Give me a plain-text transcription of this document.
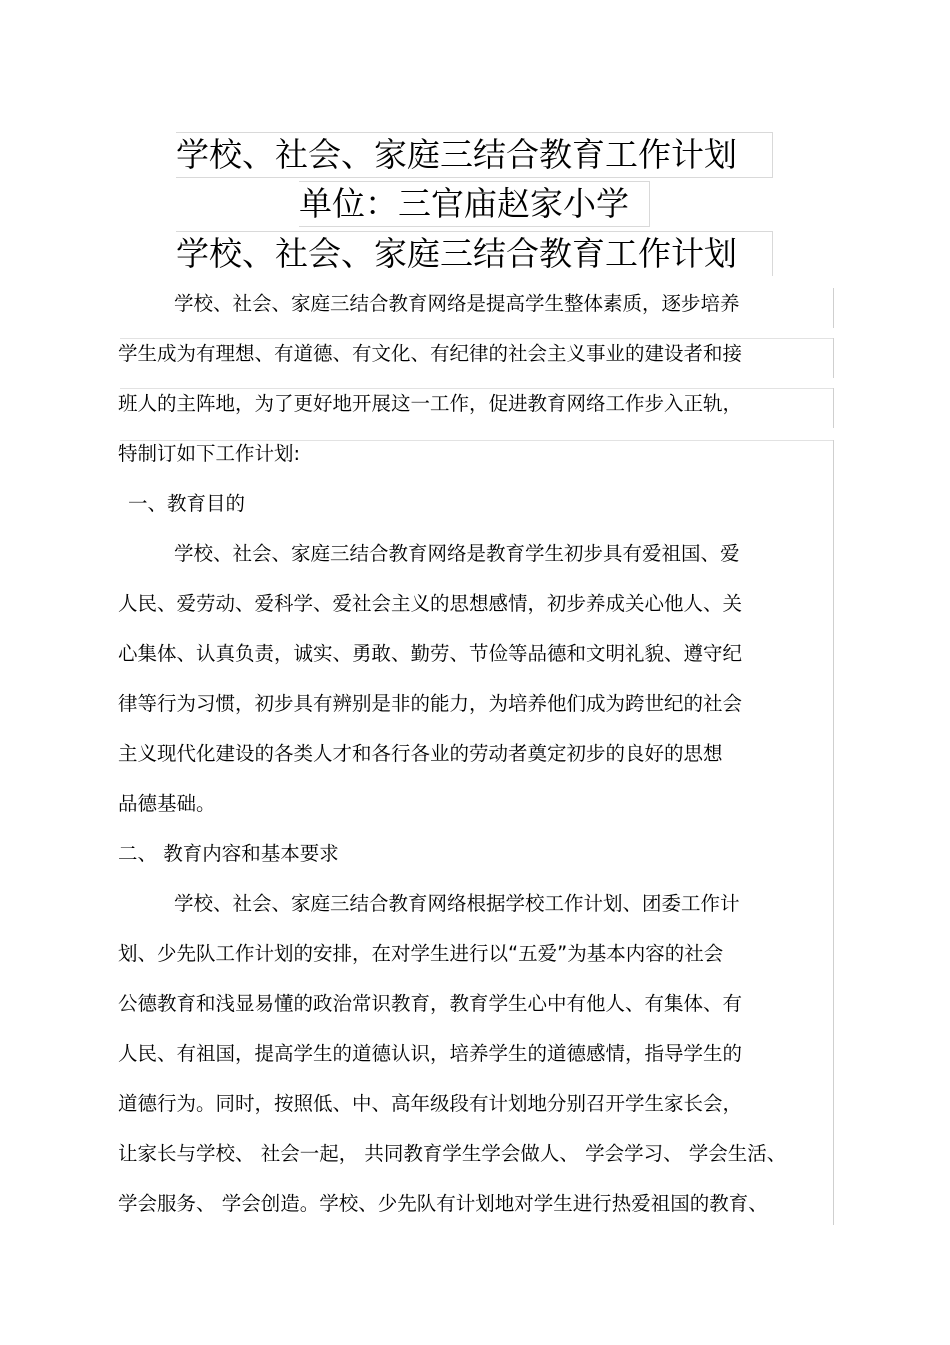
学校、社会、家庭三结合教育工作计划
单位：三官庙赵家小学
学校、社会、家庭三结合教育工作计划
学校、社会、家庭三结合教育网络是提高学生整体素质，逐步培养
学生成为有理想、有道德、有文化、有纪律的社会主义事业的建设者和接
班人的主阵地，为了更好地开展这一工作，促进教育网络工作步入正轨，
特制订如下工作计划:
一、教育目的
学校、社会、家庭三结合教育网络是教育学生初步具有爱祖国、爱
人民、爱劳动、爱科学、爱社会主义的思想感情，初步养成关心他人、关
心集体、认真负责，诚实、勇敢、勤劳、节俭等品德和文明礼貌、遵守纪
律等行为习惯，初步具有辨别是非的能力，为培养他们成为跨世纪的社会
主义现代化建设的各类人才和各行各业的劳动者奠定初步的良好的思想
品德基础。
二、 教育内容和基本要求
学校、社会、家庭三结合教育网络根据学校工作计划、团委工作计
划、少先队工作计划的安排，在对学生进行以“五爱”为基本内容的社会
公德教育和浅显易懂的政治常识教育，教育学生心中有他人、有集体、有
人民、有祖国，提高学生的道德认识，培养学生的道德感情，指导学生的
道德行为。同时，按照低、中、高年级段有计划地分别召开学生家长会，
让家长与学校、 社会一起， 共同教育学生学会做人、 学会学习、 学会生活、
学会服务、 学会创造。学校、少先队有计划地对学生进行热爱祖国的教育、
